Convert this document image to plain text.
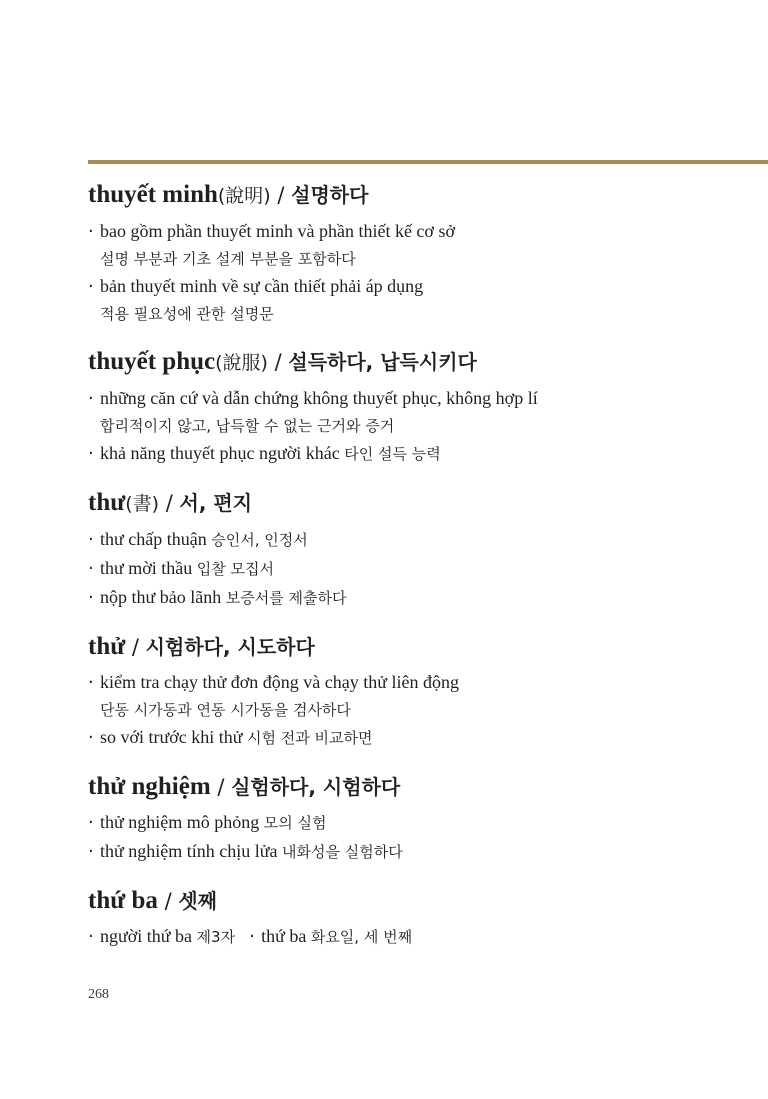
thuyết minh(說明) / 설명하다
· bao gồm phần thuyết minh và phần thiết kế cơ sở
설명 부분과 기초 설계 부분을 포함하다
· bản thuyết minh về sự cần thiết phải áp dụng
적용 필요성에 관한 설명문
thuyết phục(說服) / 설득하다, 납득시키다
· những căn cứ và dẫn chứng không thuyết phục, không hợp lí
합리적이지 않고, 납득할 수 없는 근거와 증거
· khả năng thuyết phục người khác 타인 설득 능력
thư(書) / 서, 편지
· thư chấp thuận 승인서, 인정서
· thư mời thầu 입찰 모집서
· nộp thư bảo lãnh 보증서를 제출하다
thử / 시험하다, 시도하다
· kiểm tra chạy thử đơn động và chạy thử liên động
단동 시가동과 연동 시가동을 검사하다
· so với trước khi thử 시험 전과 비교하면
thử nghiệm / 실험하다, 시험하다
· thử nghiệm mô phỏng 모의 실험
· thử nghiệm tính chịu lửa 내화성을 실험하다
thứ ba / 셋째
· người thứ ba 제3자 · thứ ba 화요일, 세 번째
268
